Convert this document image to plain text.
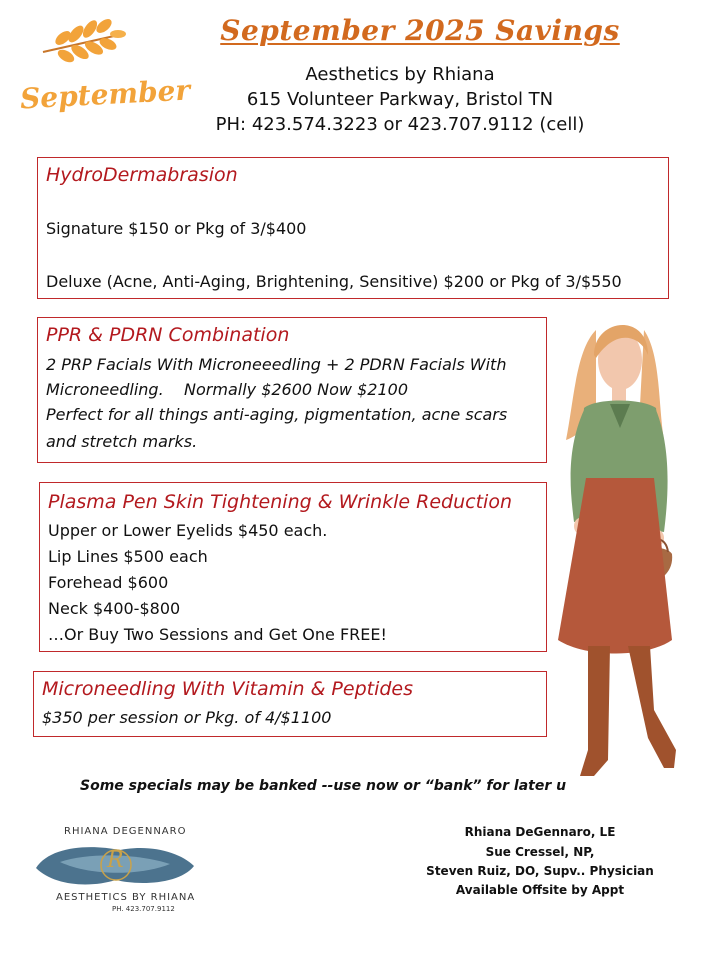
September
September 2025 Savings
Aesthetics by Rhiana
615 Volunteer Parkway, Bristol TN
PH: 423.574.3223 or 423.707.9112 (cell)
HydroDermabrasion
Signature $150 or Pkg of 3/$400
Deluxe (Acne, Anti-Aging, Brightening, Sensitive) $200 or Pkg of 3/$550
PPR & PDRN Combination
2 PRP Facials With Microneeedling + 2 PDRN Facials With
Microneedling.    Normally $2600 Now $2100
Perfect for all things anti-aging, pigmentation, acne scars
and stretch marks.
Plasma Pen Skin Tightening & Wrinkle Reduction
Upper or Lower Eyelids $450 each.
Lip Lines $500 each
Forehead $600
Neck $400-$800
…Or Buy Two Sessions and Get One FREE!
Microneedling With Vitamin & Peptides
$350 per session or Pkg. of 4/$1100
Some specials may be banked --use now or “bank” for later u
RHIANA DEGENNARO
R
AESTHETICS BY RHIANA
PH. 423.707.9112
Rhiana DeGennaro, LE
Sue Cressel, NP,
Steven Ruiz, DO, Supv.. Physician
Available Offsite by Appt
